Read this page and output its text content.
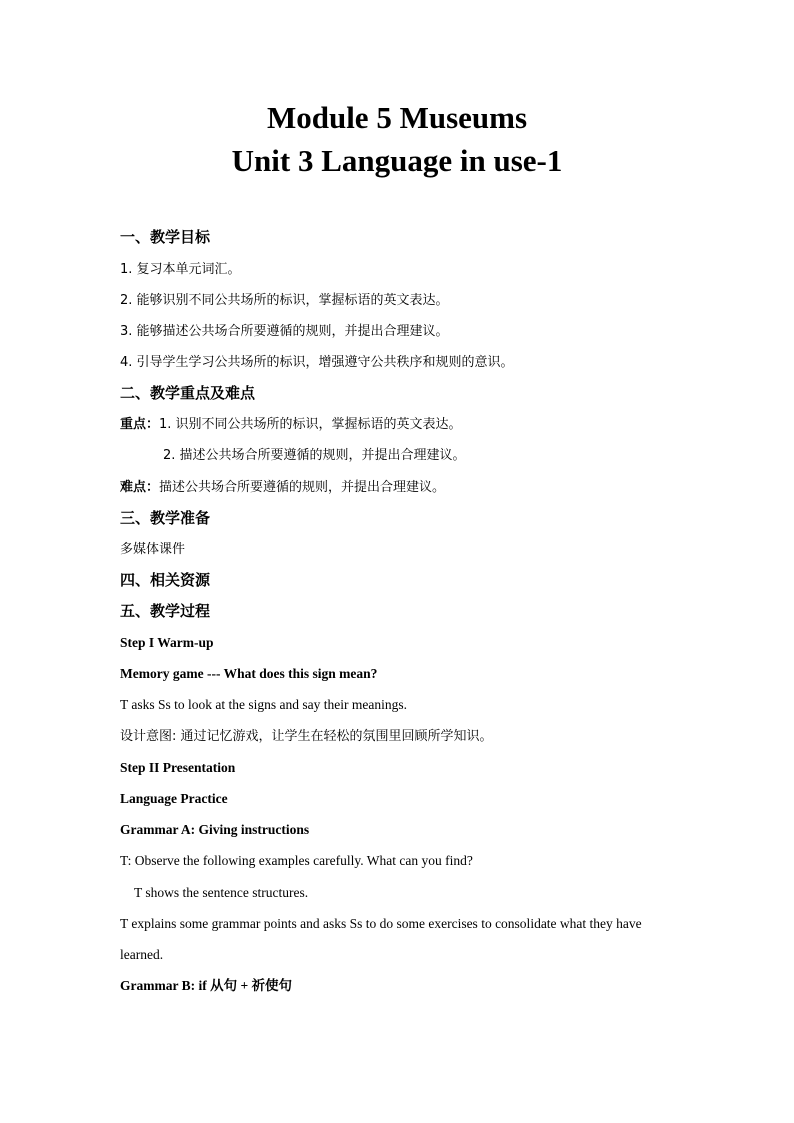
Module 5 Museums
Unit 3 Language in use-1

一、教学目标

1. 复习本单元词汇。

2. 能够识别不同公共场所的标识，掌握标语的英文表达。

3. 能够描述公共场合所要遵循的规则，并提出合理建议。

4. 引导学生学习公共场所的标识，增强遵守公共秩序和规则的意识。

二、教学重点及难点

重点：1. 识别不同公共场所的标识，掌握标语的英文表达。

2. 描述公共场合所要遵循的规则，并提出合理建议。

难点：描述公共场合所要遵循的规则，并提出合理建议。

三、教学准备

多媒体课件

四、相关资源

五、教学过程

Step I Warm-up

Memory game --- What does this sign mean?

T asks Ss to look at the signs and say their meanings.

设计意图: 通过记忆游戏，让学生在轻松的氛围里回顾所学知识。

Step II Presentation

Language Practice

Grammar A: Giving instructions

T: Observe the following examples carefully. What can you find?

T shows the sentence structures.

T explains some grammar points and asks Ss to do some exercises to consolidate what they have

learned.

Grammar B: if 从句 + 祈使句
